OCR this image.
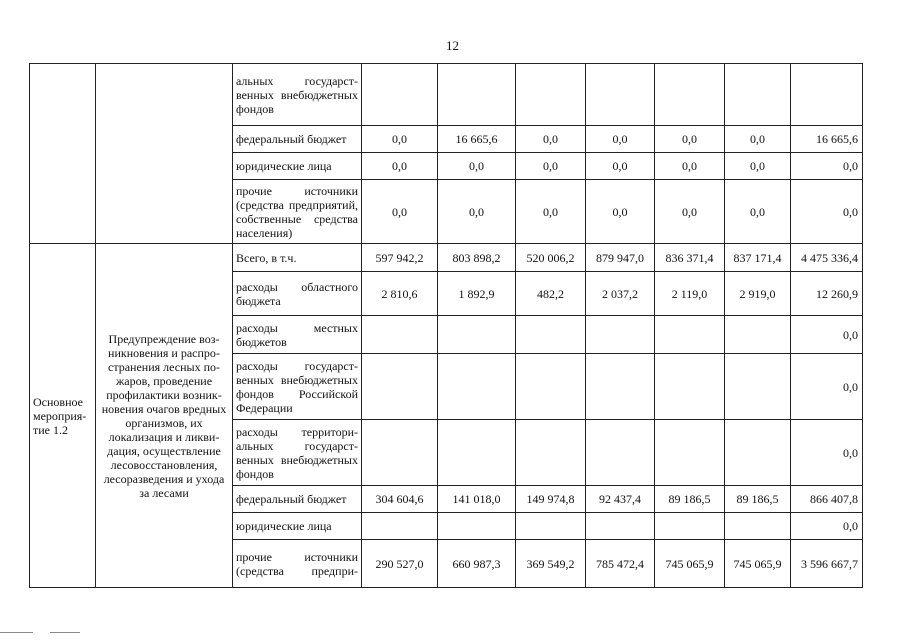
12
		альных государственных внебюджетных фондов							
		федеральный бюджет	0,0	16 665,6	0,0	0,0	0,0	0,0	16 665,6
		юридические лица	0,0	0,0	0,0	0,0	0,0	0,0	0,0
		прочие источники (средства предприятий, собственные средства населения)	0,0	0,0	0,0	0,0	0,0	0,0	0,0
Основное мероприятие 1.2	Предупреждение возникновения и распространения лесных пожаров, проведение профилактики возникновения очагов вредных организмов, их локализация и ликвидация, осуществление лесовосстановления, лесоразведения и ухода за лесами	Всего, в т.ч.	597 942,2	803 898,2	520 006,2	879 947,0	836 371,4	837 171,4	4 475 336,4
		расходы областного бюджета	2 810,6	1 892,9	482,2	2 037,2	2 119,0	2 919,0	12 260,9
		расходы местных бюджетов							0,0
		расходы государственных внебюджетных фондов Российской Федерации							0,0
		расходы территориальных государственных внебюджетных фондов							0,0
		федеральный бюджет	304 604,6	141 018,0	149 974,8	92 437,4	89 186,5	89 186,5	866 407,8
		юридические лица							0,0
		прочие источники (средства предпри-	290 527,0	660 987,3	369 549,2	785 472,4	745 065,9	745 065,9	3 596 667,7
